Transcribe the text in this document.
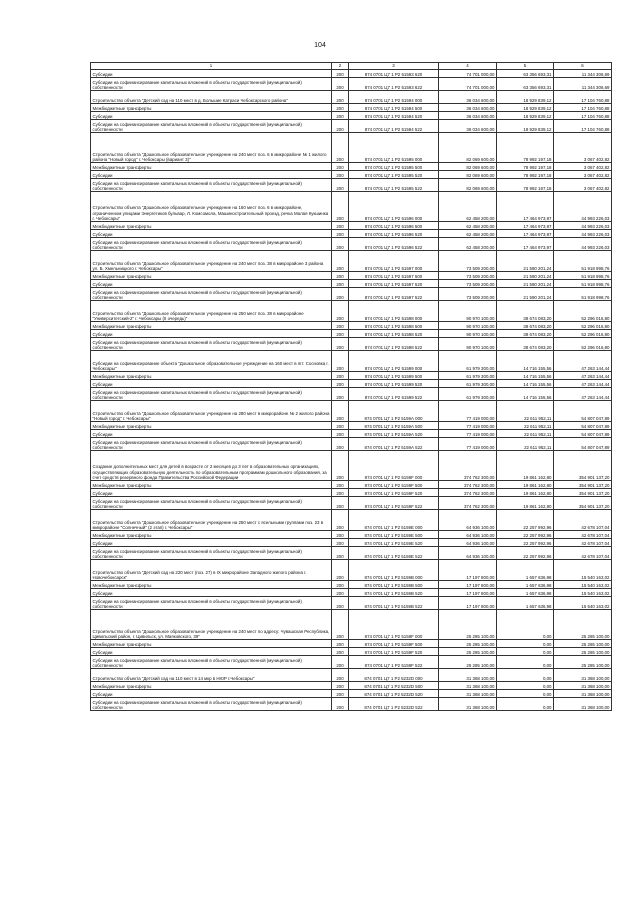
104
1	2	3	4	5	6
Субсидии	200	874 0701 Ц7 1 Р2 51593 620	74 701 000,00	63 356 693,31	11 344 306,69
Субсидии на софинансирование капитальных вложений в объекты государственной (муниципальной) собственности	200	874 0701 Ц7 1 Р2 51593 622	74 701 000,00	63 356 693,31	11 344 306,69
Строительство объекта "Детский сад на 110 мест в д. Большие Катраси Чебоксарского района"	200	874 0701 Ц7 1 Р2 51594 000	36 034 600,00	18 929 839,12	17 104 760,88
Межбюджетные трансферты	200	874 0701 Ц7 1 Р2 51594 500	36 034 600,00	18 929 839,12	17 104 760,88
Субсидии	200	874 0701 Ц7 1 Р2 51594 520	36 034 600,00	18 929 839,12	17 104 760,88
Субсидии на софинансирование капитальных вложений в объекты государственной (муниципальной) собственности	200	874 0701 Ц7 1 Р2 51594 522	36 034 600,00	18 929 839,12	17 104 760,88
Строительство объекта "Дошкольное образовательное учреждение на 240 мест поз. 6 в микрорайоне № 1 жилого района "Новый город" г. Чебоксары (вариант 3)"	200	874 0701 Ц7 1 Р2 51595 000	82 069 600,00	78 992 197,18	3 067 402,82
Межбюджетные трансферты	200	874 0701 Ц7 1 Р2 51595 500	82 069 600,00	78 992 197,18	3 067 402,82
Субсидии	200	874 0701 Ц7 1 Р2 51595 520	82 069 600,00	78 992 197,18	3 067 402,82
Субсидии на софинансирование капитальных вложений в объекты государственной (муниципальной) собственности	200	874 0701 Ц7 1 Р2 51595 522	82 069 600,00	78 992 197,18	3 067 402,82
Строительство объекта "Дошкольное образовательное учреждение на 160 мест поз. 6 в микрорайоне, ограниченном улицами Энергетиков бульвар, Л. Комсомола, Машиностроительный проезд, речка Малая Кукшинка г. Чебоксары"	200	874 0701 Ц7 1 Р2 51596 000	62 458 200,00	17 464 973,97	44 993 226,03
Межбюджетные трансферты	200	874 0701 Ц7 1 Р2 51596 500	62 458 200,00	17 464 973,97	44 993 226,03
Субсидии	200	874 0701 Ц7 1 Р2 51596 520	62 458 200,00	17 464 973,97	44 993 226,03
Субсидии на софинансирование капитальных вложений в объекты государственной (муниципальной) собственности	200	874 0701 Ц7 1 Р2 51596 522	62 458 200,00	17 464 973,97	44 993 226,03
Строительство объекта "Дошкольное образовательное учреждение на 240 мест поз. 38 в микрорайоне 3 района ул. Б. Хмельницкого г. Чебоксары"	200	874 0701 Ц7 1 Р2 51597 000	73 509 200,00	21 590 201,24	51 918 998,76
Межбюджетные трансферты	200	874 0701 Ц7 1 Р2 51597 500	73 509 200,00	21 590 201,24	51 918 998,76
Субсидии	200	874 0701 Ц7 1 Р2 51597 520	73 509 200,00	21 590 201,24	51 918 998,76
Субсидии на софинансирование капитальных вложений в объекты государственной (муниципальной) собственности	200	874 0701 Ц7 1 Р2 51597 522	73 509 200,00	21 590 201,24	51 918 998,76
Строительство объекта "Дошкольное образовательное учреждение на 250 мест поз. 38 в микрорайоне "Университетский-2" г. Чебоксары (II очередь)"	200	874 0701 Ц7 1 Р2 51598 000	90 970 100,00	38 674 083,20	52 296 016,80
Межбюджетные трансферты	200	874 0701 Ц7 1 Р2 51598 500	90 970 100,00	38 674 083,20	52 296 016,80
Субсидии	200	874 0701 Ц7 1 Р2 51598 520	90 970 100,00	38 674 083,20	52 296 016,80
Субсидии на софинансирование капитальных вложений в объекты государственной (муниципальной) собственности	200	874 0701 Ц7 1 Р2 51598 522	90 970 100,00	38 674 083,20	52 296 016,80
Субсидии на софинансирование объекта "Дошкольное образовательное учреждение на 160 мест в пгт. Сосновка г. Чебоксары"	200	874 0701 Ц7 1 Р2 51599 000	61 979 300,00	14 716 155,56	47 263 144,44
Межбюджетные трансферты	200	874 0701 Ц7 1 Р2 51599 500	61 979 300,00	14 716 155,56	47 263 144,44
Субсидии	200	874 0701 Ц7 1 Р2 51599 520	61 979 300,00	14 716 155,56	47 263 144,44
Субсидии на софинансирование капитальных вложений в объекты государственной (муниципальной) собственности	200	874 0701 Ц7 1 Р2 51599 522	61 979 300,00	14 716 155,56	47 263 144,44
Строительство объекта "Дошкольное образовательное учреждение на 280 мест в микрорайоне № 2 жилого района "Новый город" г. Чебоксары"	200	874 0701 Ц7 1 Р2 5159А 000	77 419 000,00	22 611 952,11	54 807 047,89
Межбюджетные трансферты	200	874 0701 Ц7 1 Р2 5159А 500	77 419 000,00	22 611 952,11	54 807 047,89
Субсидии	200	874 0701 Ц7 1 Р2 5159А 520	77 419 000,00	22 611 952,11	54 807 047,89
Субсидии на софинансирование капитальных вложений в объекты государственной (муниципальной) собственности	200	874 0701 Ц7 1 Р2 5159А 522	77 419 000,00	22 611 952,11	54 807 047,89
Создание дополнительных мест для детей в возрасте от 2 месяцев до 3 лет в образовательных организациях, осуществляющих образовательную деятельность по образовательным программам дошкольного образования, за счет средств резервного фонда Правительства Российской Федерации	200	874 0701 Ц7 1 Р2 5159F 000	374 762 300,00	19 861 162,80	354 901 137,20
Межбюджетные трансферты	200	874 0701 Ц7 1 Р2 5159F 500	374 762 300,00	19 861 162,80	354 901 137,20
Субсидии	200	874 0701 Ц7 1 Р2 5159F 520	374 762 300,00	19 861 162,80	354 901 137,20
Субсидии на софинансирование капитальных вложений в объекты государственной (муниципальной) собственности	200	874 0701 Ц7 1 Р2 5159F 522	374 762 300,00	19 861 162,80	354 901 137,20
Строительство объекта "Дошкольное образовательное учреждение на 250 мест с ясельными группами поз. 23 в микрорайоне "Солнечный" (2 этап) г. Чебоксары"	200	874 0701 Ц7 1 Р2 5159Е 000	64 936 100,00	22 257 992,96	42 678 107,04
Межбюджетные трансферты	200	874 0701 Ц7 1 Р2 5159Е 500	64 936 100,00	22 257 992,96	42 678 107,04
Субсидии	200	874 0701 Ц7 1 Р2 5159Е 520	64 936 100,00	22 257 992,96	42 678 107,04
Субсидии на софинансирование капитальных вложений в объекты государственной (муниципальной) собственности	200	874 0701 Ц7 1 Р2 5159Е 522	64 936 100,00	22 257 992,96	42 678 107,04
Строительство объекта "Детский сад на 220 мест (поз. 27) в IX микрорайоне Западного жилого района г. Новочебоксарск"	200	874 0701 Ц7 1 Р2 5159В 000	17 197 800,00	1 657 636,98	15 540 163,02
Межбюджетные трансферты	200	874 0701 Ц7 1 Р2 5159В 500	17 197 800,00	1 657 636,98	15 540 163,02
Субсидии	200	874 0701 Ц7 1 Р2 5159В 520	17 197 800,00	1 657 636,98	15 540 163,02
Субсидии на софинансирование капитальных вложений в объекты государственной (муниципальной) собственности	200	874 0701 Ц7 1 Р2 5159В 522	17 197 800,00	1 657 636,98	15 540 163,02
Строительство объекта "Дошкольное образовательное учреждение на 240 мест по адресу: Чувашская Республика, Цивильский район, г. Цивильск, ул. Маяковского, 39"	200	874 0701 Ц7 1 Р2 5159F 000	25 285 100,00	0,00	25 285 100,00
Межбюджетные трансферты	200	874 0701 Ц7 1 Р2 5159F 500	25 285 100,00	0,00	25 285 100,00
Субсидии	200	874 0701 Ц7 1 Р2 5159F 520	25 285 100,00	0,00	25 285 100,00
Субсидии на софинансирование капитальных вложений в объекты государственной (муниципальной) собственности	200	874 0701 Ц7 1 Р2 5159F 522	25 285 100,00	0,00	25 285 100,00
Строительство объекта "Детский сад на 110 мест в 14 мкр в НЮР г.Чебоксары"	200	874 0701 Ц7 1 Р2 5232D 000	31 368 100,00	0,00	31 368 100,00
Межбюджетные трансферты	200	874 0701 Ц7 1 Р2 5232D 500	31 368 100,00	0,00	31 368 100,00
Субсидии	200	874 0701 Ц7 1 Р2 5232D 520	31 368 100,00	0,00	31 368 100,00
Субсидии на софинансирование капитальных вложений в объекты государственной (муниципальной) собственности	200	874 0701 Ц7 1 Р2 5232D 522	31 368 100,00	0,00	31 368 100,00
